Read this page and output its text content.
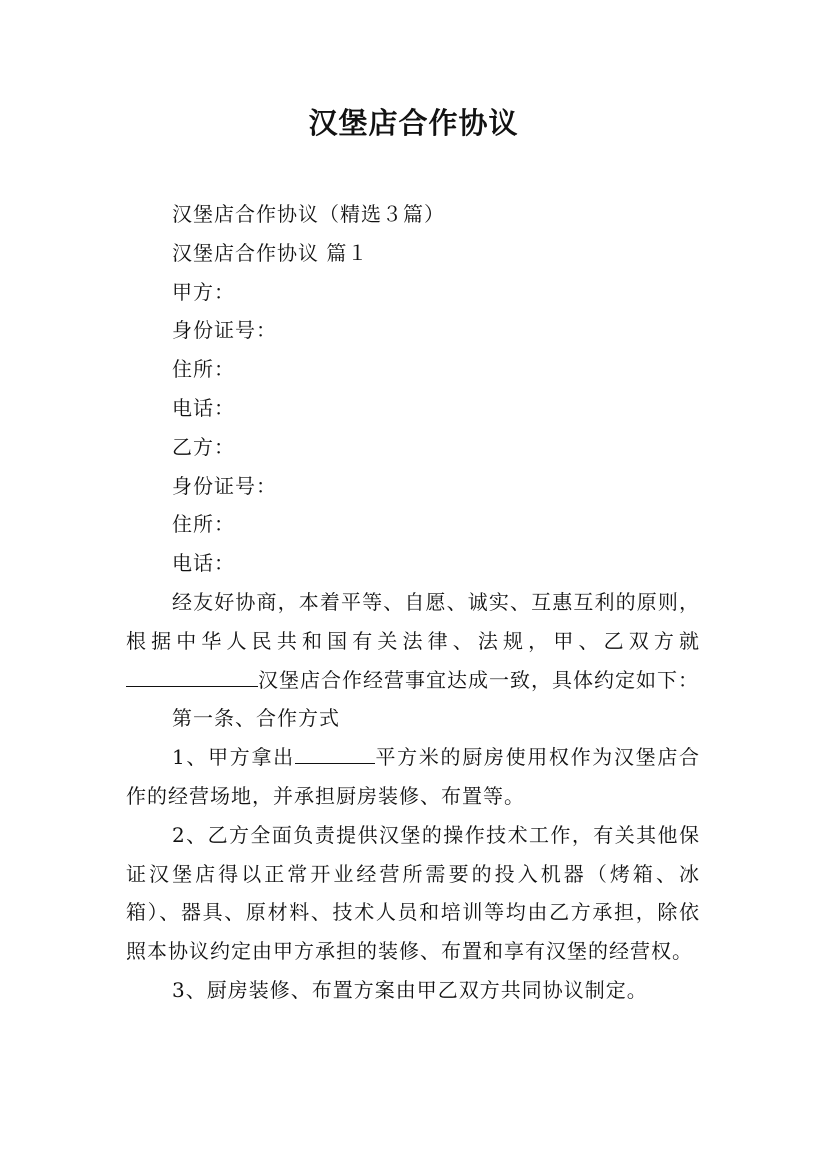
汉堡店合作协议

汉堡店合作协议（精选３篇）

汉堡店合作协议 篇１

甲方：

身份证号：

住所：

电话：

乙方：

身份证号：

住所：

电话：

经友好协商，本着平等、自愿、诚实、互惠互利的原则，根据中华人民共和国有关法律、法规，甲、乙双方就汉堡店合作经营事宜达成一致，具体约定如下：

第一条、合作方式

1、甲方拿出	平方米的厨房使用权作为汉堡店合作的经营场地，并承担厨房装修、布置等。

2、乙方全面负责提供汉堡的操作技术工作，有关其他保证汉堡店得以正常开业经营所需要的投入机器（烤箱、冰箱）、器具、原材料、技术人员和培训等均由乙方承担，除依照本协议约定由甲方承担的装修、布置和享有汉堡的经营权。

3、厨房装修、布置方案由甲乙双方共同协议制定。
